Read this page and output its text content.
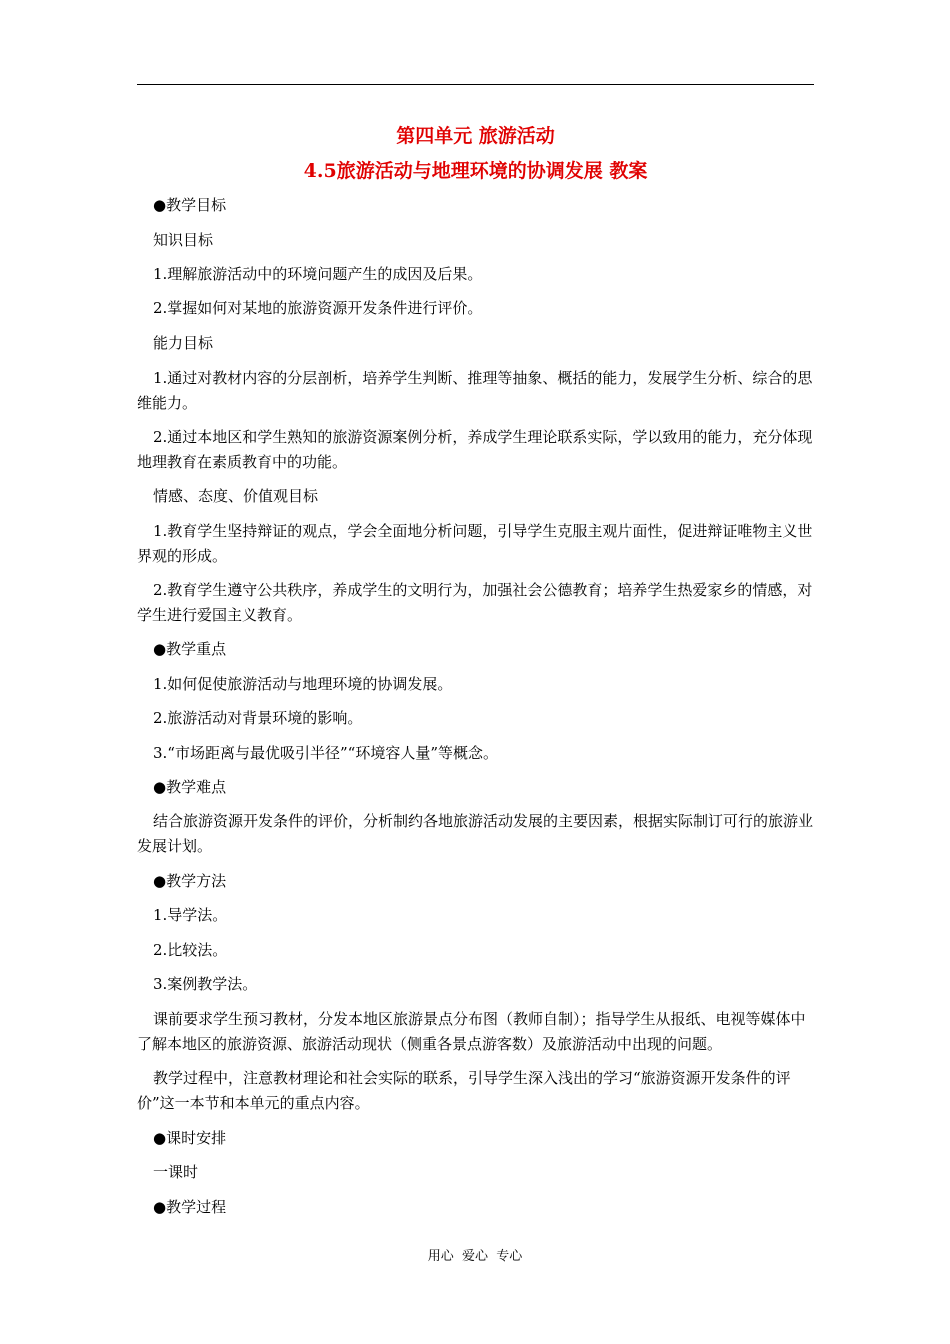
第四单元 旅游活动
4.5旅游活动与地理环境的协调发展 教案
●教学目标
知识目标
1.理解旅游活动中的环境问题产生的成因及后果。
2.掌握如何对某地的旅游资源开发条件进行评价。
能力目标

1.通过对教材内容的分层剖析，培养学生判断、推理等抽象、概括的能力，发展学生分析、综合的思维能力。

2.通过本地区和学生熟知的旅游资源案例分析，养成学生理论联系实际，学以致用的能力，充分体现地理教育在素质教育中的功能。

情感、态度、价值观目标

1.教育学生坚持辩证的观点，学会全面地分析问题，引导学生克服主观片面性，促进辩证唯物主义世界观的形成。

2.教育学生遵守公共秩序，养成学生的文明行为，加强社会公德教育；培养学生热爱家乡的情感，对学生进行爱国主义教育。

●教学重点
1.如何促使旅游活动与地理环境的协调发展。
2.旅游活动对背景环境的影响。
3.“市场距离与最优吸引半径”“环境容人量”等概念。
●教学难点

结合旅游资源开发条件的评价，分析制约各地旅游活动发展的主要因素，根据实际制订可行的旅游业发展计划。

●教学方法
1.导学法。
2.比较法。
3.案例教学法。

课前要求学生预习教材，分发本地区旅游景点分布图（教师自制）；指导学生从报纸、电视等媒体中了解本地区的旅游资源、旅游活动现状（侧重各景点游客数）及旅游活动中出现的问题。

教学过程中，注意教材理论和社会实际的联系，引导学生深入浅出的学习“旅游资源开发条件的评价”这一本节和本单元的重点内容。

●课时安排
一课时
●教学过程
用心  爱心  专心
